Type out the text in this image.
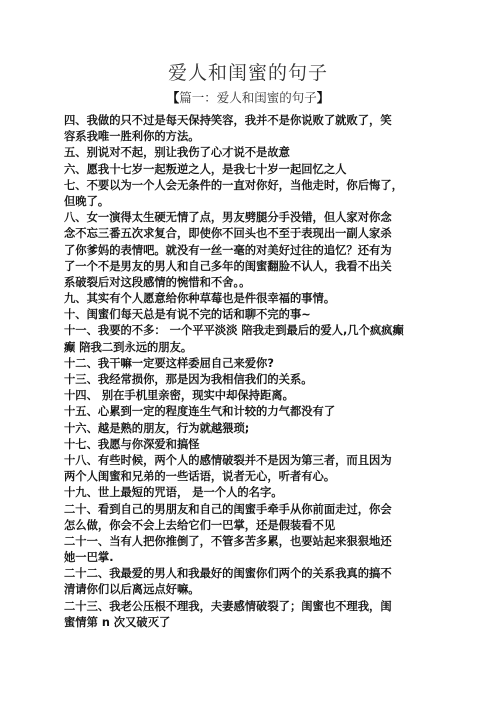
爱人和闺蜜的句子
【篇一：爱人和闺蜜的句子】
四、我做的只不过是每天保持笑容，我并不是你说败了就败了，笑
容系我唯一胜利你的方法。
五、别说对不起，别让我伤了心才说不是故意
六、愿我十七岁一起叛逆之人，是我七十岁一起回忆之人
七、不要以为一个人会无条件的一直对你好，当他走时，你后悔了，
但晚了。
八、女一演得太生硬无情了点，男友劈腿分手没错，但人家对你念
念不忘三番五次求复合，即使你不回头也不至于表现出一副人家杀
了你爹妈的表情吧。就没有一丝一毫的对美好过往的追忆？还有为
了一个不是男友的男人和自己多年的闺蜜翻脸不认人，我看不出关
系破裂后对这段感情的惋惜和不舍。。
九、其实有个人愿意给你种草莓也是件很幸福的事情。
十、闺蜜们每天总是有说不完的话和聊不完的事~
十一、我要的不多： 一个平平淡淡 陪我走到最后的爱人,几个疯疯癫
癫 陪我二到永远的朋友。
十二、我干嘛一定要这样委屈自己来爱你?
十三、我经常损你，那是因为我相信我们的关系。
十四、 别在手机里亲密，现实中却保持距离。
十五、心累到一定的程度连生气和计较的力气都没有了
十六、越是熟的朋友，行为就越猥琐;
十七、我愿与你深爱和搞怪
十八、有些时候，两个人的感情破裂并不是因为第三者，而且因为
两个人闺蜜和兄弟的一些话语，说者无心，听者有心。
十九、世上最短的咒语， 是一个人的名字。
二十、看到自己的男朋友和自己的闺蜜手牵手从你前面走过，你会
怎么做，你会不会上去给它们一巴掌，还是假装看不见
二十一、当有人把你推倒了，不管多苦多累，也要站起来狠狠地还
她一巴掌.
二十二、我最爱的男人和我最好的闺蜜你们两个的关系我真的搞不
清请你们以后离远点好嘛。
二十三、我老公压根不理我，夫妻感情破裂了；闺蜜也不理我，闺
蜜情第 n 次又破灭了
